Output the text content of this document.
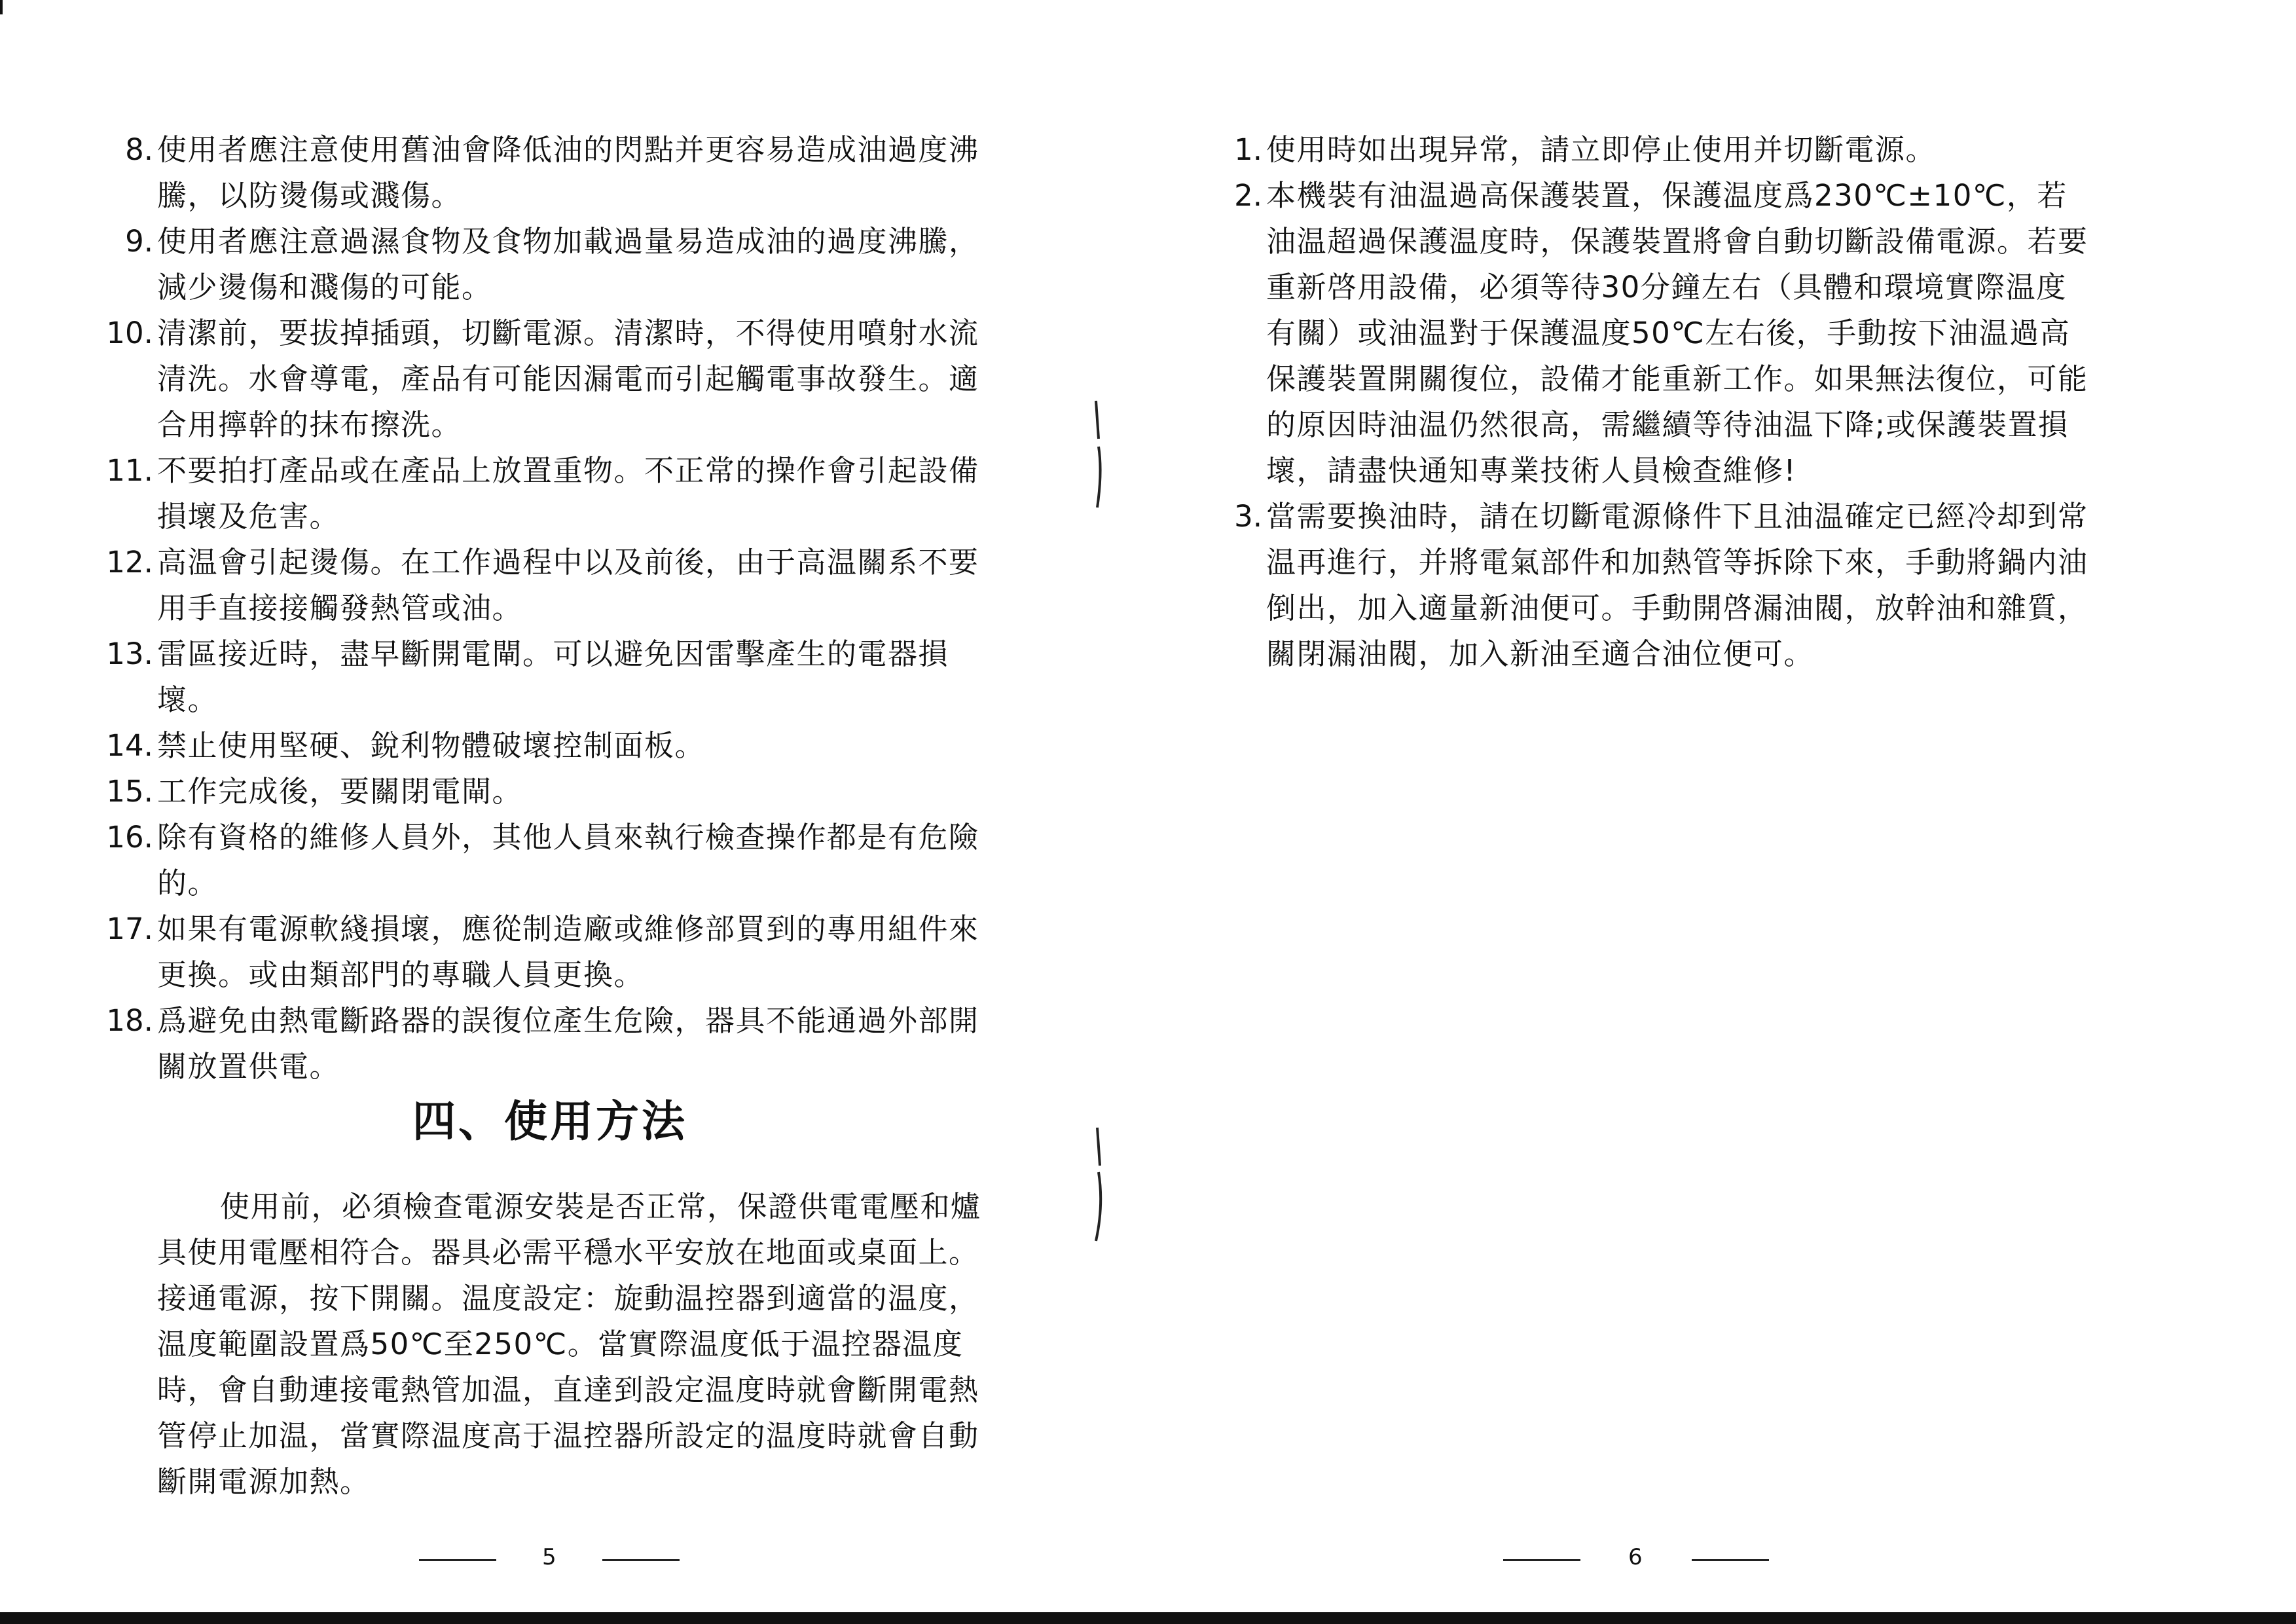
8. 使用者應注意使用舊油會降低油的閃點并更容易造成油過度沸騰，以防燙傷或濺傷。
9. 使用者應注意過濕食物及食物加載過量易造成油的過度沸騰，減少燙傷和濺傷的可能。
10. 清潔前，要拔掉插頭，切斷電源。清潔時，不得使用噴射水流清洗。水會導電，產品有可能因漏電而引起觸電事故發生。適合用擰幹的抹布擦洗。
11. 不要拍打產品或在產品上放置重物。不正常的操作會引起設備損壞及危害。
12. 高温會引起燙傷。在工作過程中以及前後，由于高温關系不要用手直接接觸發熱管或油。
13. 雷區接近時，盡早斷開電閘。可以避免因雷擊產生的電器損壞。
14. 禁止使用堅硬、銳利物體破壞控制面板。
15. 工作完成後，要關閉電閘。
16. 除有資格的維修人員外，其他人員來執行檢查操作都是有危險的。
17. 如果有電源軟綫損壞，應從制造廠或維修部買到的專用組件來更換。或由類部門的專職人員更換。
18. 爲避免由熱電斷路器的誤復位產生危險，器具不能通過外部開關放置供電。
四、使用方法

使用前，必須檢查電源安裝是否正常，保證供電電壓和爐具使用電壓相符合。器具必需平穩水平安放在地面或桌面上。接通電源，按下開關。温度設定：旋動温控器到適當的温度，温度範圍設置爲50℃至250℃。當實際温度低于温控器温度時，會自動連接電熱管加温，直達到設定温度時就會斷開電熱管停止加温，當實際温度高于温控器所設定的温度時就會自動斷開電源加熱。

5
1. 使用時如出現异常，請立即停止使用并切斷電源。
2. 本機裝有油温過高保護裝置，保護温度爲230℃±10℃，若油温超過保護温度時，保護裝置將會自動切斷設備電源。若要重新啓用設備，必須等待30分鐘左右（具體和環境實際温度有關）或油温對于保護温度50℃左右後，手動按下油温過高保護裝置開關復位，設備才能重新工作。如果無法復位，可能的原因時油温仍然很高，需繼續等待油温下降;或保護裝置損壞，請盡快通知專業技術人員檢查維修!
3. 當需要換油時，請在切斷電源條件下且油温確定已經冷却到常温再進行，并將電氣部件和加熱管等拆除下來，手動將鍋内油倒出，加入適量新油便可。手動開啓漏油閥，放幹油和雜質，關閉漏油閥，加入新油至適合油位便可。
6
